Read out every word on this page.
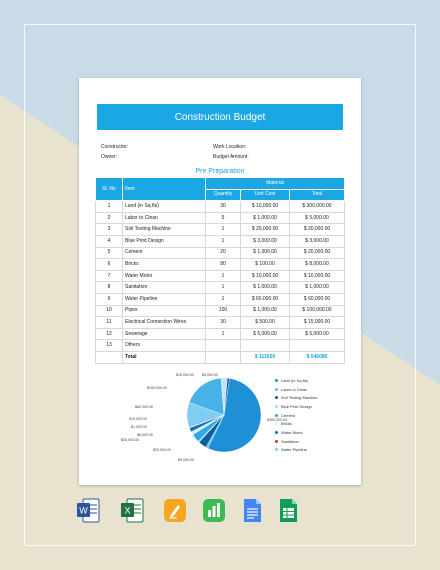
Construction Budget
Constructor:	Work Location:
Owner:	Budget Amount:
Pre Preparation
Sl. No	Item	Material		
		Quantity	Unit Cost	Total
1	Land (in Sq.fts)	30	$ 10,000.00	$ 300,000.00
2	Labor to Clean	5	$ 1,000.00	$ 5,000.00
3	Soil Testing Machine	1	$ 20,000.00	$ 20,000.00
4	Blue Print Design	1	$ 3,000.00	$ 3,000.00
5	Cement	20	$ 1,000.00	$ 20,000.00
6	Bricks	80	$ 100.00	$ 8,000.00
7	Water Motor	1	$ 10,000.00	$ 10,000.00
8	Sanitation	1	$ 1,000.00	$ 1,000.00
9	Water Pipeline	1	$ 60,000.00	$ 60,000.00
10	Pipes	100	$ 1,000.00	$ 100,000.00
11	Electrical Connection Wires	30	$ 500.00	$ 15,000.00
12	Sewerage	1	$ 5,000.00	$ 5,000.00
13	Others			
	Total		$ 111650	$ 546080
$15,000.00 $5,000.00
$100,000.00
$60,000.00
$10,000.00
$1,000.00
$8,000.00
$30,000.00
$20,000.00
$5,000.00
$300,000.00
Land (in Sq.fts)
Labor to Clean
Soil Testing Machine
Blue Print Design
Cement
Bricks
Water Motor
Sanitation
Water Pipeline
W	X
